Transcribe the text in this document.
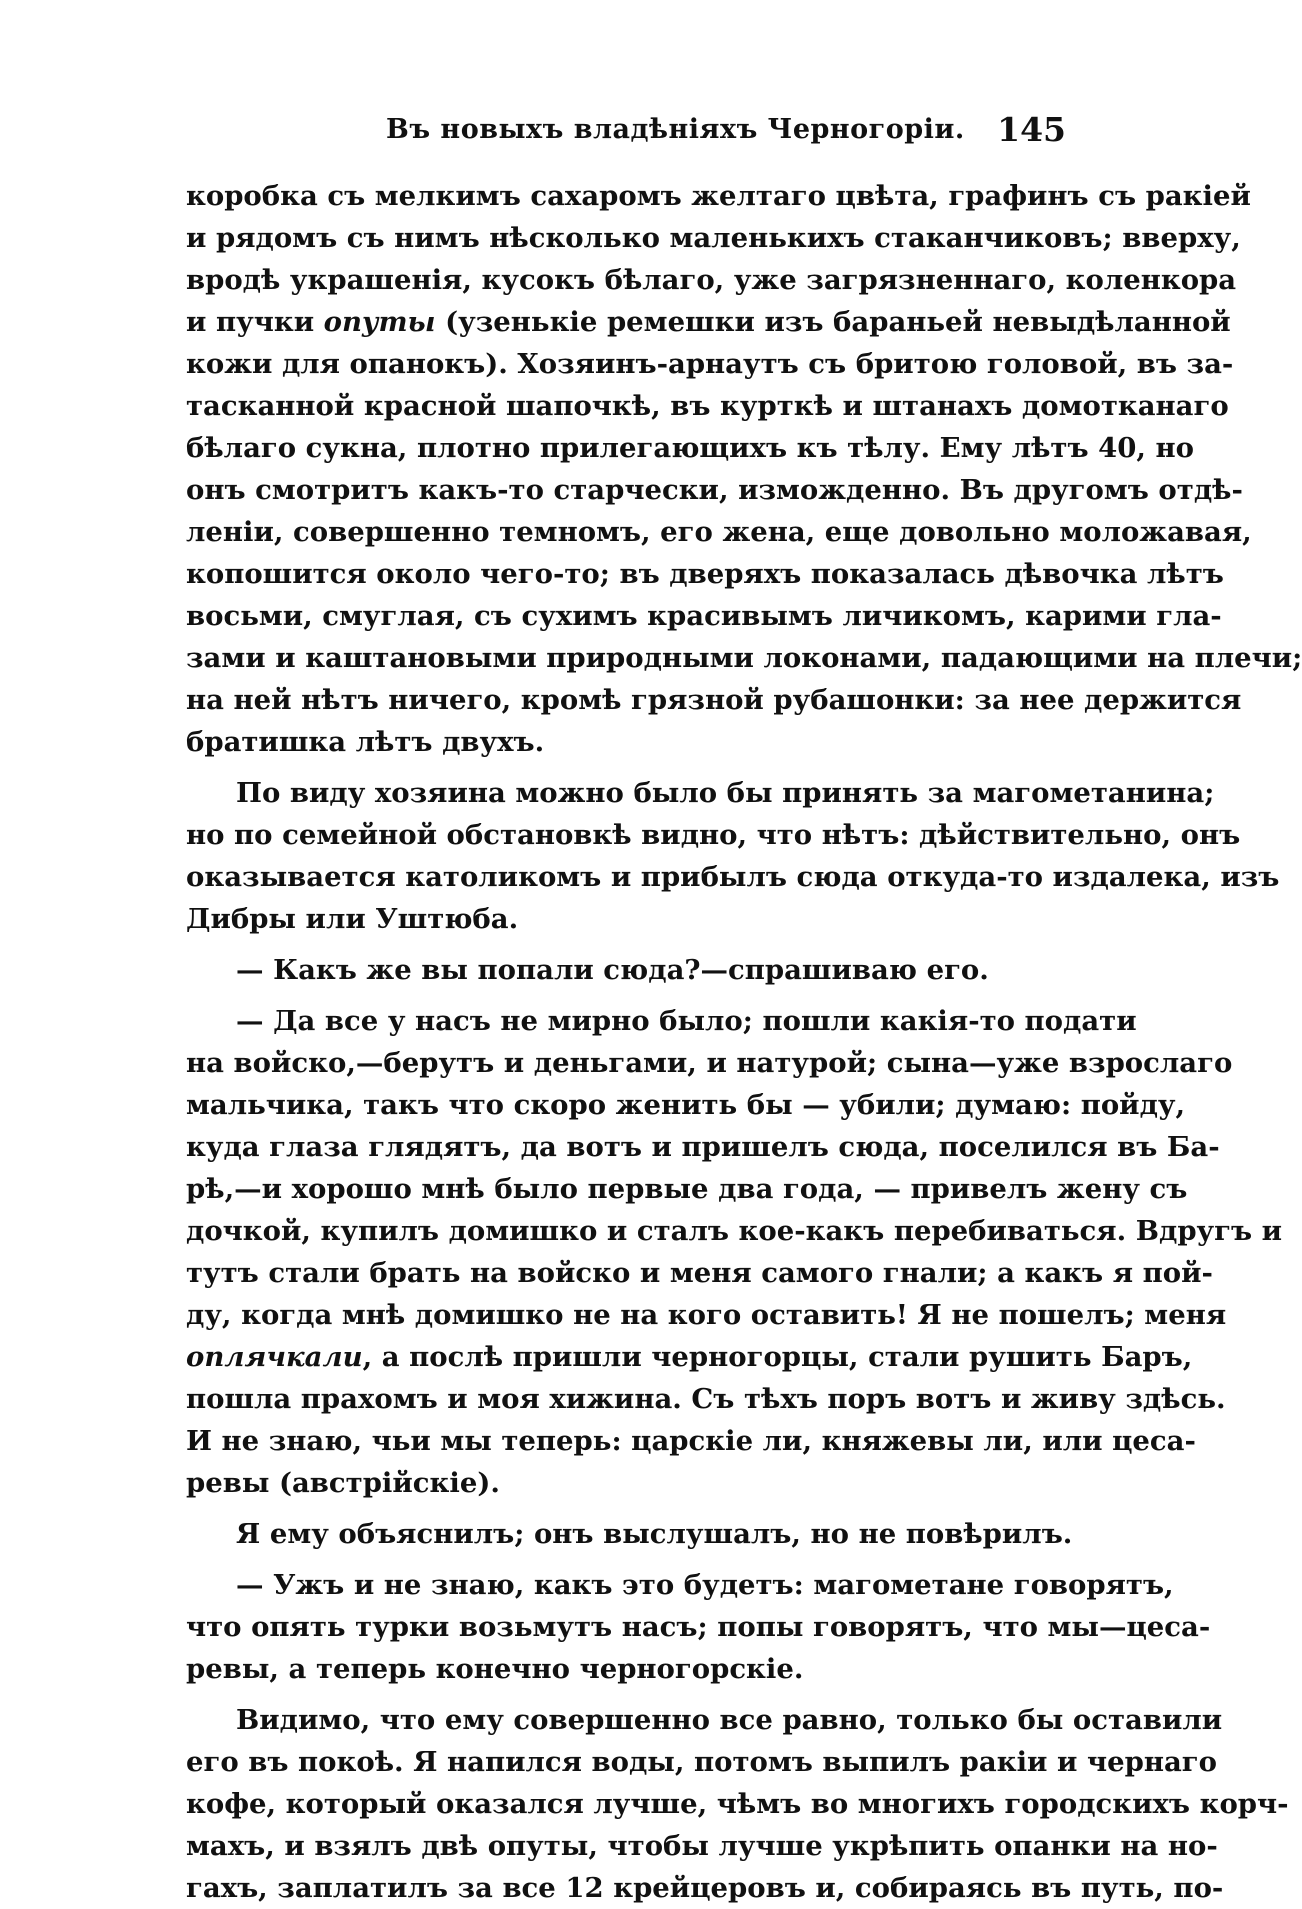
Въ новыхъ владѣніяхъ Черногоріи. 145
коробка съ мелкимъ сахаромъ желтаго цвѣта, графинъ съ ракіей
и рядомъ съ нимъ нѣсколько маленькихъ стаканчиковъ; вверху,
вродѣ украшенія, кусокъ бѣлаго, уже загрязненнаго, коленкора
и пучки опуты (узенькіе ремешки изъ бараньей невыдѣланной
кожи для опанокъ). Хозяинъ-арнаутъ съ бритою головой, въ за-
тасканной красной шапочкѣ, въ курткѣ и штанахъ домотканаго
бѣлаго сукна, плотно прилегающихъ къ тѣлу. Ему лѣтъ 40, но
онъ смотритъ какъ-то старчески, изможденно. Въ другомъ отдѣ-
леніи, совершенно темномъ, его жена, еще довольно моложавая,
копошится около чего-то; въ дверяхъ показалась дѣвочка лѣтъ
восьми, смуглая, съ сухимъ красивымъ личикомъ, карими гла-
зами и каштановыми природными локонами, падающими на плечи;
на ней нѣтъ ничего, кромѣ грязной рубашонки: за нее держится
братишка лѣтъ двухъ.
По виду хозяина можно было бы принять за магометанина;
но по семейной обстановкѣ видно, что нѣтъ: дѣйствительно, онъ
оказывается католикомъ и прибылъ сюда откуда-то издалека, изъ
Дибры или Уштюба.
— Какъ же вы попали сюда?—спрашиваю его.
— Да все у насъ не мирно было; пошли какія-то подати
на войско,—берутъ и деньгами, и натурой; сына—уже взрослаго
мальчика, такъ что скоро женить бы — убили; думаю: пойду,
куда глаза глядятъ, да вотъ и пришелъ сюда, поселился въ Ба-
рѣ,—и хорошо мнѣ было первые два года, — привелъ жену съ
дочкой, купилъ домишко и сталъ кое-какъ перебиваться. Вдругъ и
тутъ стали брать на войско и меня самого гнали; а какъ я пой-
ду, когда мнѣ домишко не на кого оставить! Я не пошелъ; меня
оплячкали, а послѣ пришли черногорцы, стали рушить Баръ,
пошла прахомъ и моя хижина. Съ тѣхъ поръ вотъ и живу здѣсь.
И не знаю, чьи мы теперь: царскіе ли, княжевы ли, или цеса-
ревы (австрійскіе).
Я ему объяснилъ; онъ выслушалъ, но не повѣрилъ.
— Ужъ и не знаю, какъ это будетъ: магометане говорятъ,
что опять турки возьмутъ насъ; попы говорятъ, что мы—цеса-
ревы, а теперь конечно черногорскіе.
Видимо, что ему совершенно все равно, только бы оставили
его въ покоѣ. Я напился воды, потомъ выпилъ ракіи и чернаго
кофе, который оказался лучше, чѣмъ во многихъ городскихъ корч-
махъ, и взялъ двѣ опуты, чтобы лучше укрѣпить опанки на но-
гахъ, заплатилъ за все 12 крейцеровъ и, собираясь въ путь, по-
